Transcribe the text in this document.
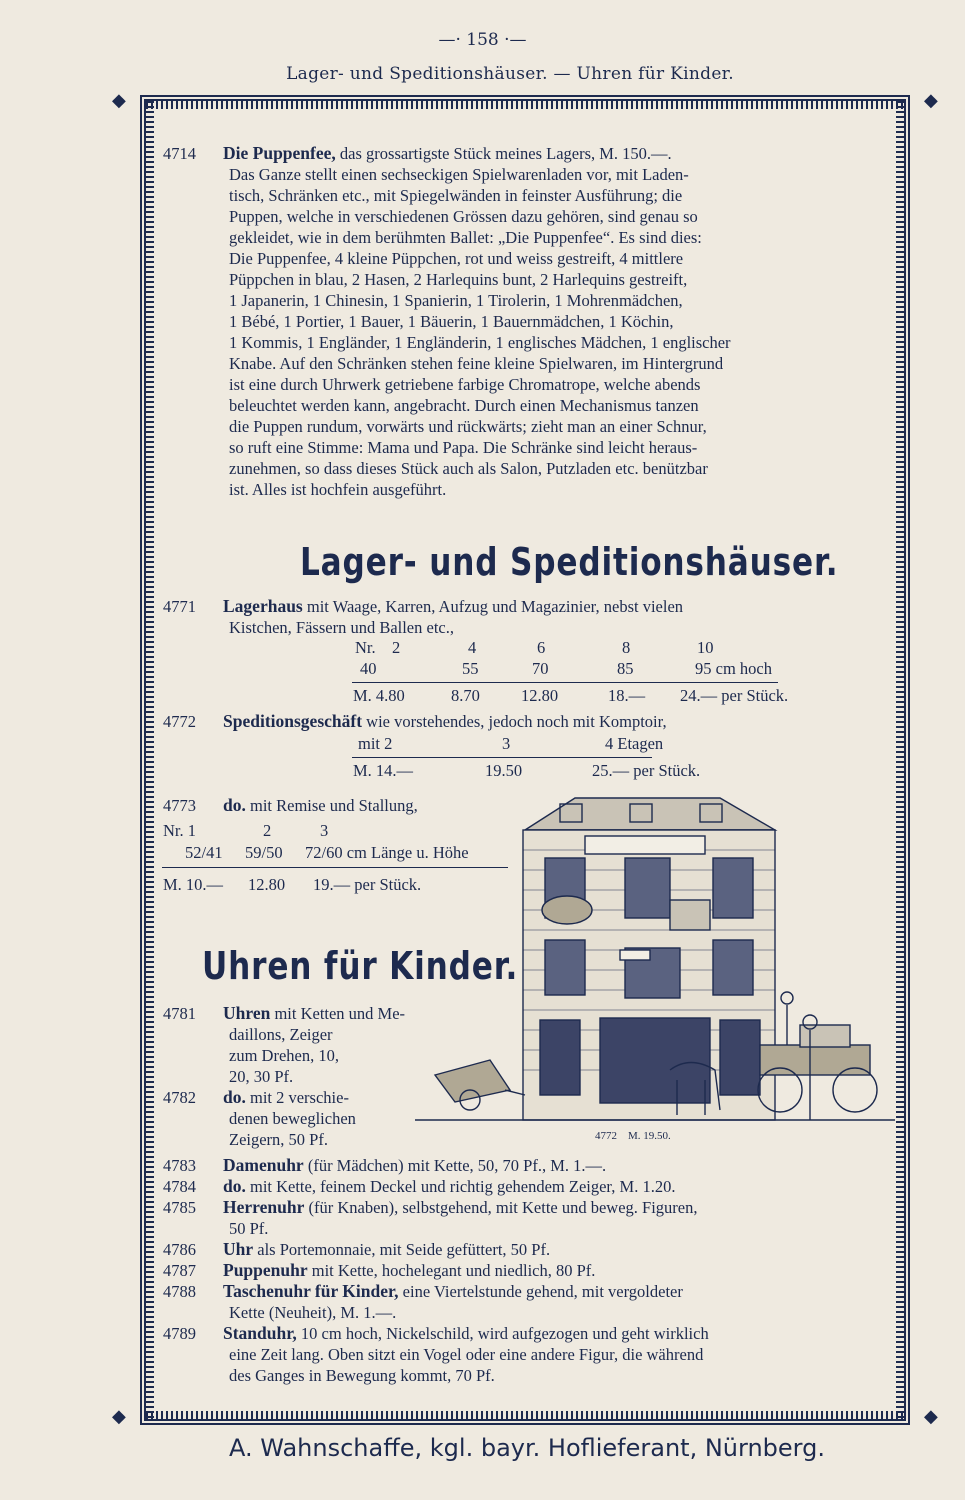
—· 158 ·—
Lager- und Speditionshäuser. — Uhren für Kinder.
◆	◆
◆	◆
4714 Die Puppenfee, das grossartigste Stück meines Lagers, M. 150.—.
Das Ganze stellt einen sechseckigen Spielwarenladen vor, mit Laden-
tisch, Schränken etc., mit Spiegelwänden in feinster Ausführung; die
Puppen, welche in verschiedenen Grössen dazu gehören, sind genau so
gekleidet, wie in dem berühmten Ballet: „Die Puppenfee“. Es sind dies:
Die Puppenfee, 4 kleine Püppchen, rot und weiss gestreift, 4 mittlere
Püppchen in blau, 2 Hasen, 2 Harlequins bunt, 2 Harlequins gestreift,
1 Japanerin, 1 Chinesin, 1 Spanierin, 1 Tirolerin, 1 Mohrenmädchen,
1 Bébé, 1 Portier, 1 Bauer, 1 Bäuerin, 1 Bauernmädchen, 1 Köchin,
1 Kommis, 1 Engländer, 1 Engländerin, 1 englisches Mädchen, 1 englischer
Knabe. Auf den Schränken stehen feine kleine Spielwaren, im Hintergrund
ist eine durch Uhrwerk getriebene farbige Chromatrope, welche abends
beleuchtet werden kann, angebracht. Durch einen Mechanismus tanzen
die Puppen rundum, vorwärts und rückwärts; zieht man an einer Schnur,
so ruft eine Stimme: Mama und Papa. Die Schränke sind leicht heraus-
zunehmen, so dass dieses Stück auch als Salon, Putzladen etc. benützbar
ist. Alles ist hochfein ausgeführt.
Lager- und Speditionshäuser.
4771 Lagerhaus mit Waage, Karren, Aufzug und Magazinier, nebst vielen
Kistchen, Fässern und Ballen etc.,
Nr. 2	4	6	8	10
40	55	70	85	95 cm hoch
M. 4.80	8.70 12.80	18.— 24.— per Stück.
4772 Speditionsgeschäft wie vorstehendes, jedoch noch mit Komptoir,
mit 2	3	4 Etagen
M. 14.—	19.50	25.— per Stück.
4773 do. mit Remise und Stallung,
Nr. 1	2	3
52/41 59/50 72/60 cm Länge u. Höhe
M. 10.— 12.80 19.— per Stück.
4772 M. 19.50.
Uhren für Kinder.
4781 Uhren mit Ketten und Me-
daillons, Zeiger
zum Drehen, 10,
20, 30 Pf.
4782 do. mit 2 verschie-
denen beweglichen
Zeigern, 50 Pf.
4783 Damenuhr (für Mädchen) mit Kette, 50, 70 Pf., M. 1.—.
4784 do. mit Kette, feinem Deckel und richtig gehendem Zeiger, M. 1.20.
4785 Herrenuhr (für Knaben), selbstgehend, mit Kette und beweg. Figuren,
50 Pf.
4786 Uhr als Portemonnaie, mit Seide gefüttert, 50 Pf.
4787 Puppenuhr mit Kette, hochelegant und niedlich, 80 Pf.
4788 Taschenuhr für Kinder, eine Viertelstunde gehend, mit vergoldeter
Kette (Neuheit), M. 1.—.
4789 Standuhr, 10 cm hoch, Nickelschild, wird aufgezogen und geht wirklich
eine Zeit lang. Oben sitzt ein Vogel oder eine andere Figur, die während
des Ganges in Bewegung kommt, 70 Pf.
A. Wahnschaffe, kgl. bayr. Hoflieferant, Nürnberg.
